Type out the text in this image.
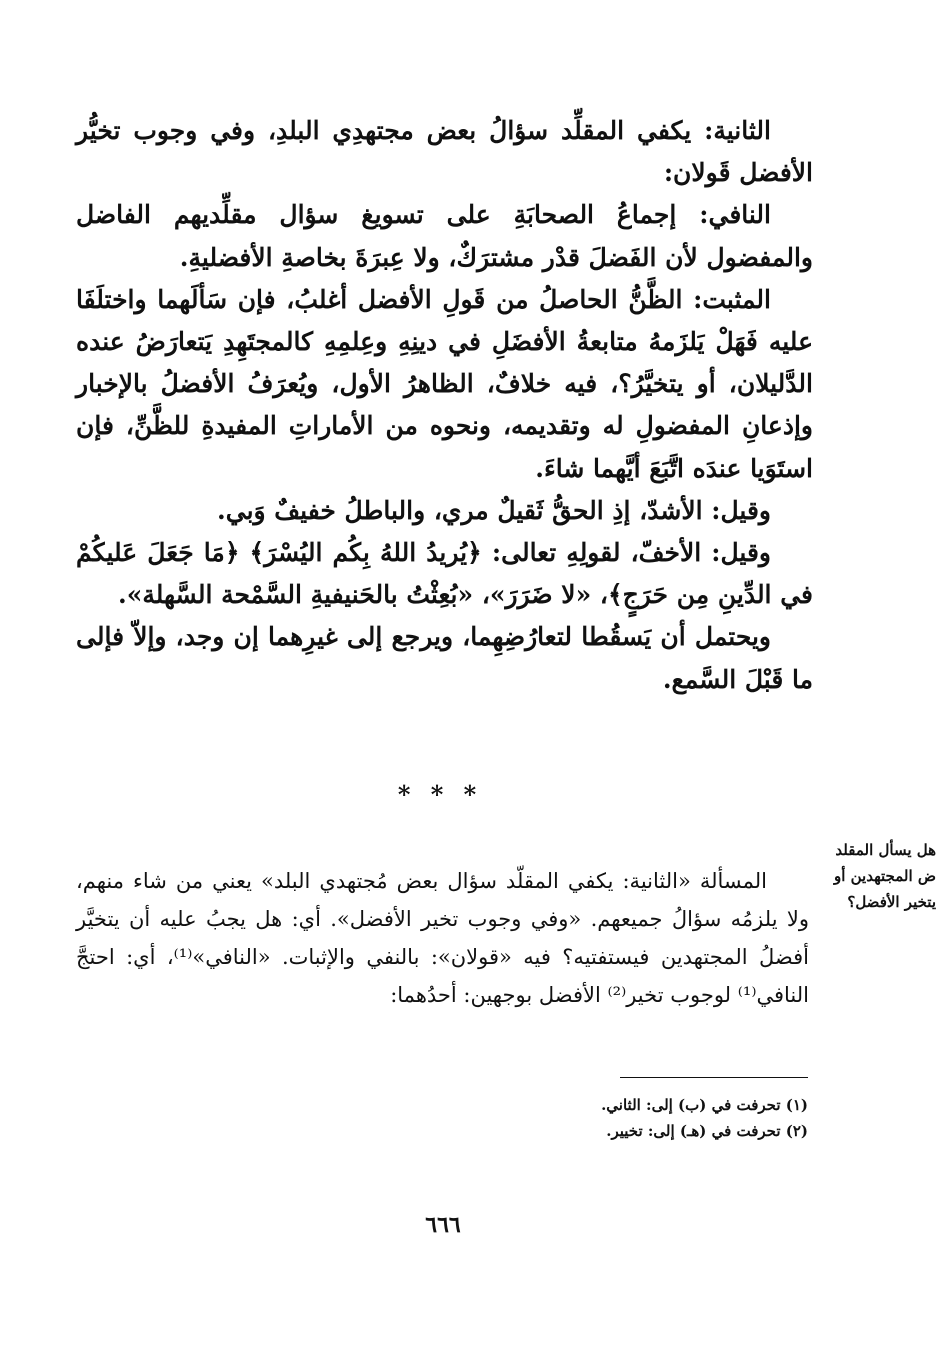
الثانية: يكفي المقلِّد سؤالُ بعض مجتهدِي البلدِ، وفي وجوب تخيُّر الأفضل قَولان:

النافي: إجماعُ الصحابَةِ على تسويغ سؤال مقلِّديهم الفاضل والمفضول لأن الفَضلَ قدْر مشترَكٌ، ولا عِبرَةَ بخاصةِ الأفضليةِ.

المثبت: الظَّنُّ الحاصلُ من قَولِ الأفضل أغلبُ، فإن سَألَهما واختلَفَا عليه فَهَلْ يَلزَمهُ متابعةُ الأفضَلِ في دينِهِ وعِلمِهِ كالمجتَهِدِ يَتعارَضُ عنده الدَّليلان، أو يتخيَّرُ؟، فيه خلافٌ، الظاهرُ الأول، ويُعرَفُ الأفضلُ بالإخبار وإذعانِ المفضولِ له وتقديمه، ونحوه من الأماراتِ المفيدةِ للظَّنِّ، فإن استَوَيا عندَه اتَّبَعَ أيَّهما شاءَ.

وقيل: الأشدّ، إذِ الحقُّ ثَقيلٌ مري، والباطلُ خفيفٌ وَبي.

وقيل: الأخفّ، لقولِهِ تعالى: ﴿يُريدُ اللهُ بِكُم اليُسْرَ﴾ ﴿مَا جَعَلَ عَليكُمْ في الدِّينِ مِن حَرَجٍ﴾، «لا ضَرَرَ»، «بُعِثْتُ بالحَنيفيةِ السَّمْحة السَّهلة».

ويحتمل أن يَسقُطا لتعارُضِهِما، ويرجع إلى غيرِهما إن وجد، وإلاّ فإلى ما قَبْلَ السَّمع.

* * *
هل يسأل المقلد
ض المجتهدين أو
يتخير الأفضل؟

المسألة «الثانية: يكفي المقلّد سؤال بعض مُجتهدي البلد» يعني من شاء منهم، ولا يلزمُه سؤالُ جميعهم. «وفي وجوب تخير الأفضل». أي: هل يجبُ عليه أن يتخيَّر أفضلُ المجتهدين فيستفتيه؟ فيه «قولان»: بالنفي والإثبات. «النافي»⁽¹⁾، أي: احتجَّ النافي⁽¹⁾ لوجوب تخير⁽²⁾ الأفضل بوجهين: أحدُهما:

(١) تحرفت في (ب) إلى: الثاني.
(٢) تحرفت في (هـ) إلى: تخيير.
٦٦٦
